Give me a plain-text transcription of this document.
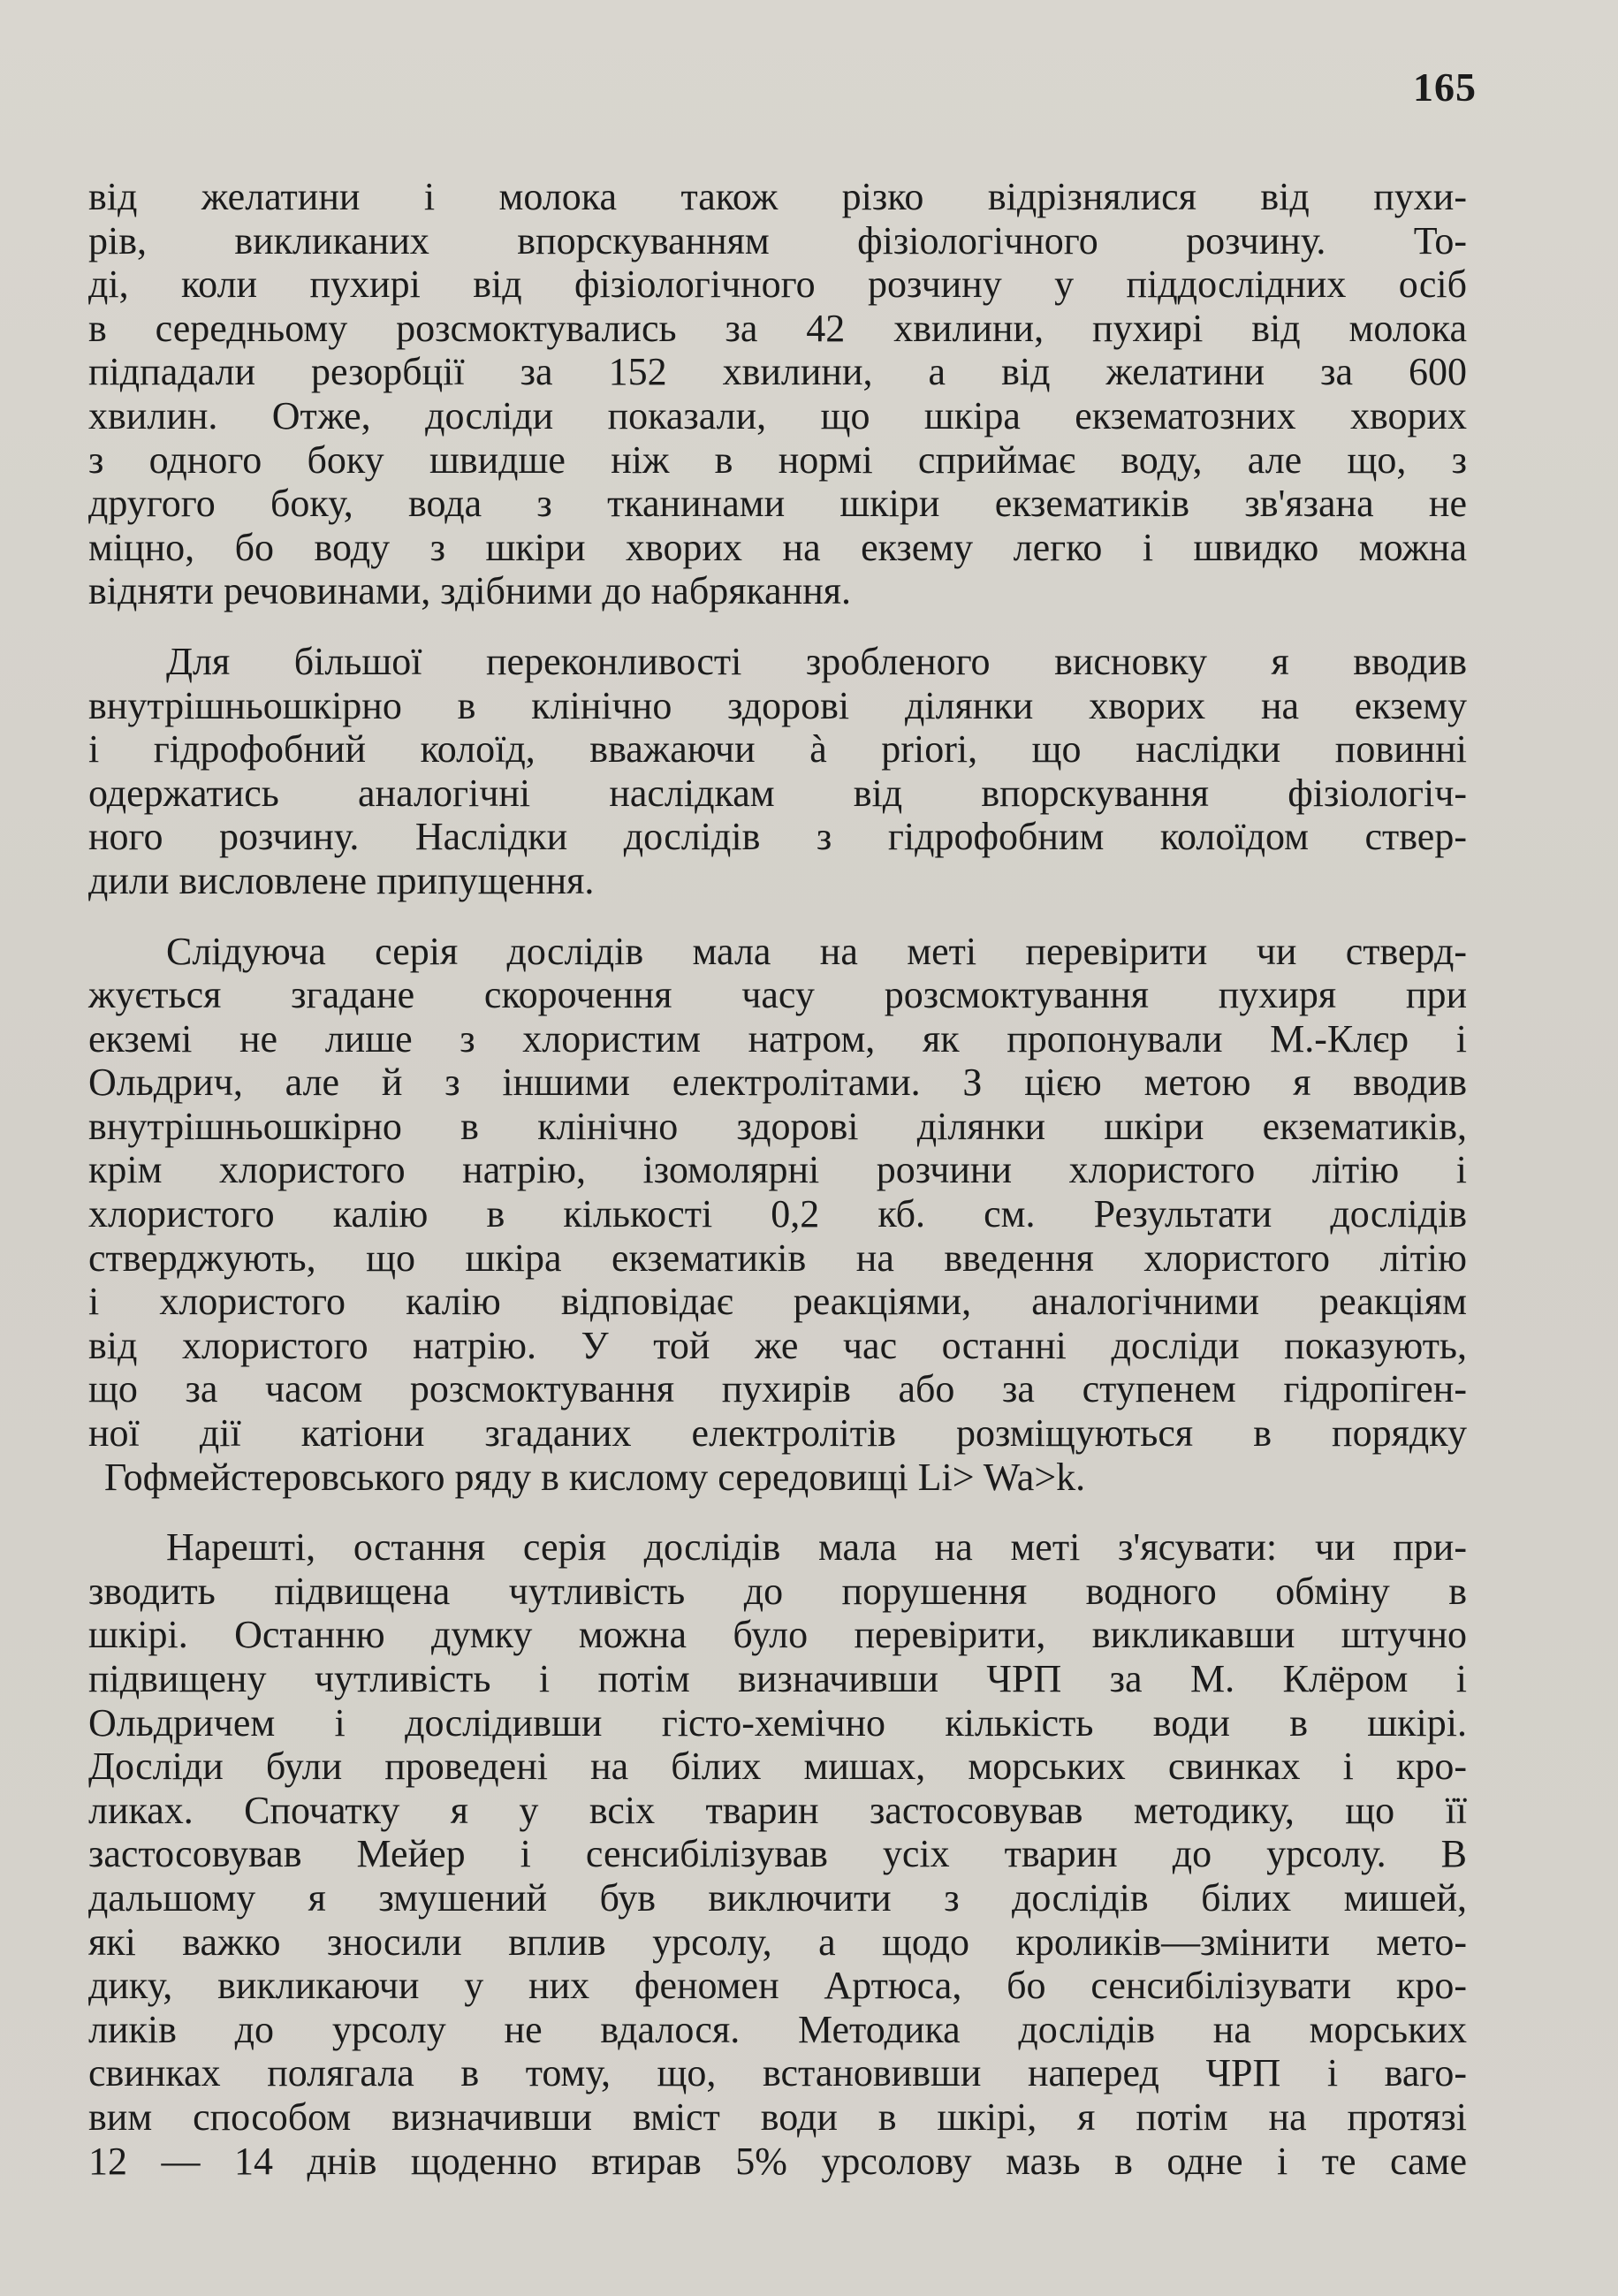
165

від желатини і молока також різко відрізнялися від пухи-
рів, викликаних впорскуванням фізіологічного розчину. То-
ді, коли пухирі від фізіологічного розчину у піддослідних осіб
в середньому розсмоктувались за 42 хвилини, пухирі від молока
підпадали резорбції за 152 хвилини, а від желатини за 600
хвилин. Отже, досліди показали, що шкіра екзематозних хворих
з одного боку швидше ніж в нормі сприймає воду, але що, з
другого боку, вода з тканинами шкіри екзематиків зв'язана не
міцно, бо воду з шкіри хворих на екзему легко і швидко можна
відняти речовинами, здібними до набрякання.

Для більшої переконливості зробленого висновку я вводив
внутрішньошкірно в клінічно здорові ділянки хворих на екзему
і гідрофобний колоїд, вважаючи à priori, що наслідки повинні
одержатись аналогічні наслідкам від впорскування фізіологіч-
ного розчину. Наслідки дослідів з гідрофобним колоїдом ствер-
дили висловлене припущення.

Слідуюча серія дослідів мала на меті перевірити чи стверд-
жується згадане скорочення часу розсмоктування пухиря при
екземі не лише з хлористим натром, як пропонували М.-Клєр і
Ольдрич, але й з іншими електролітами. З цією метою я вводив
внутрішньошкірно в клінічно здорові ділянки шкіри екзематиків,
крім хлористого натрію, ізомолярні розчини хлористого літію і
хлористого калію в кількості 0,2 кб. см. Результати дослідів
стверджують, що шкіра екзематиків на введення хлористого літію
і хлористого калію відповідає реакціями, аналогічними реакціям
від хлористого натрію. У той же час останні досліди показують,
що за часом розсмоктування пухирів або за ступенем гідропіген-
ної дії катіони згаданих електролітів розміщуються в порядку
Гофмейстеровського ряду в кислому середовищі Li> Wa>k.

Нарешті, остання серія дослідів мала на меті з'ясувати: чи при-
зводить підвищена чутливість до порушення водного обміну в
шкірі. Останню думку можна було перевірити, викликавши штучно
підвищену чутливість і потім визначивши ЧРП за М. Клёром і
Ольдричем і дослідивши гісто-хемічно кількість води в шкірі.
Досліди були проведені на білих мишах, морських свинках і кро-
ликах. Спочатку я у всіх тварин застосовував методику, що її
застосовував Мейер і сенсибілізував усіх тварин до урсолу. В
дальшому я змушений був виключити з дослідів білих мишей,
які важко зносили вплив урсолу, а щодо кроликів—змінити мето-
дику, викликаючи у них феномен Артюса, бо сенсибілізувати кро-
ликів до урсолу не вдалося. Методика дослідів на морських
свинках полягала в тому, що, встановивши наперед ЧРП і ваго-
вим способом визначивши вміст води в шкірі, я потім на протязі
12 — 14 днів щоденно втирав 5% урсолову мазь в одне і те саме
